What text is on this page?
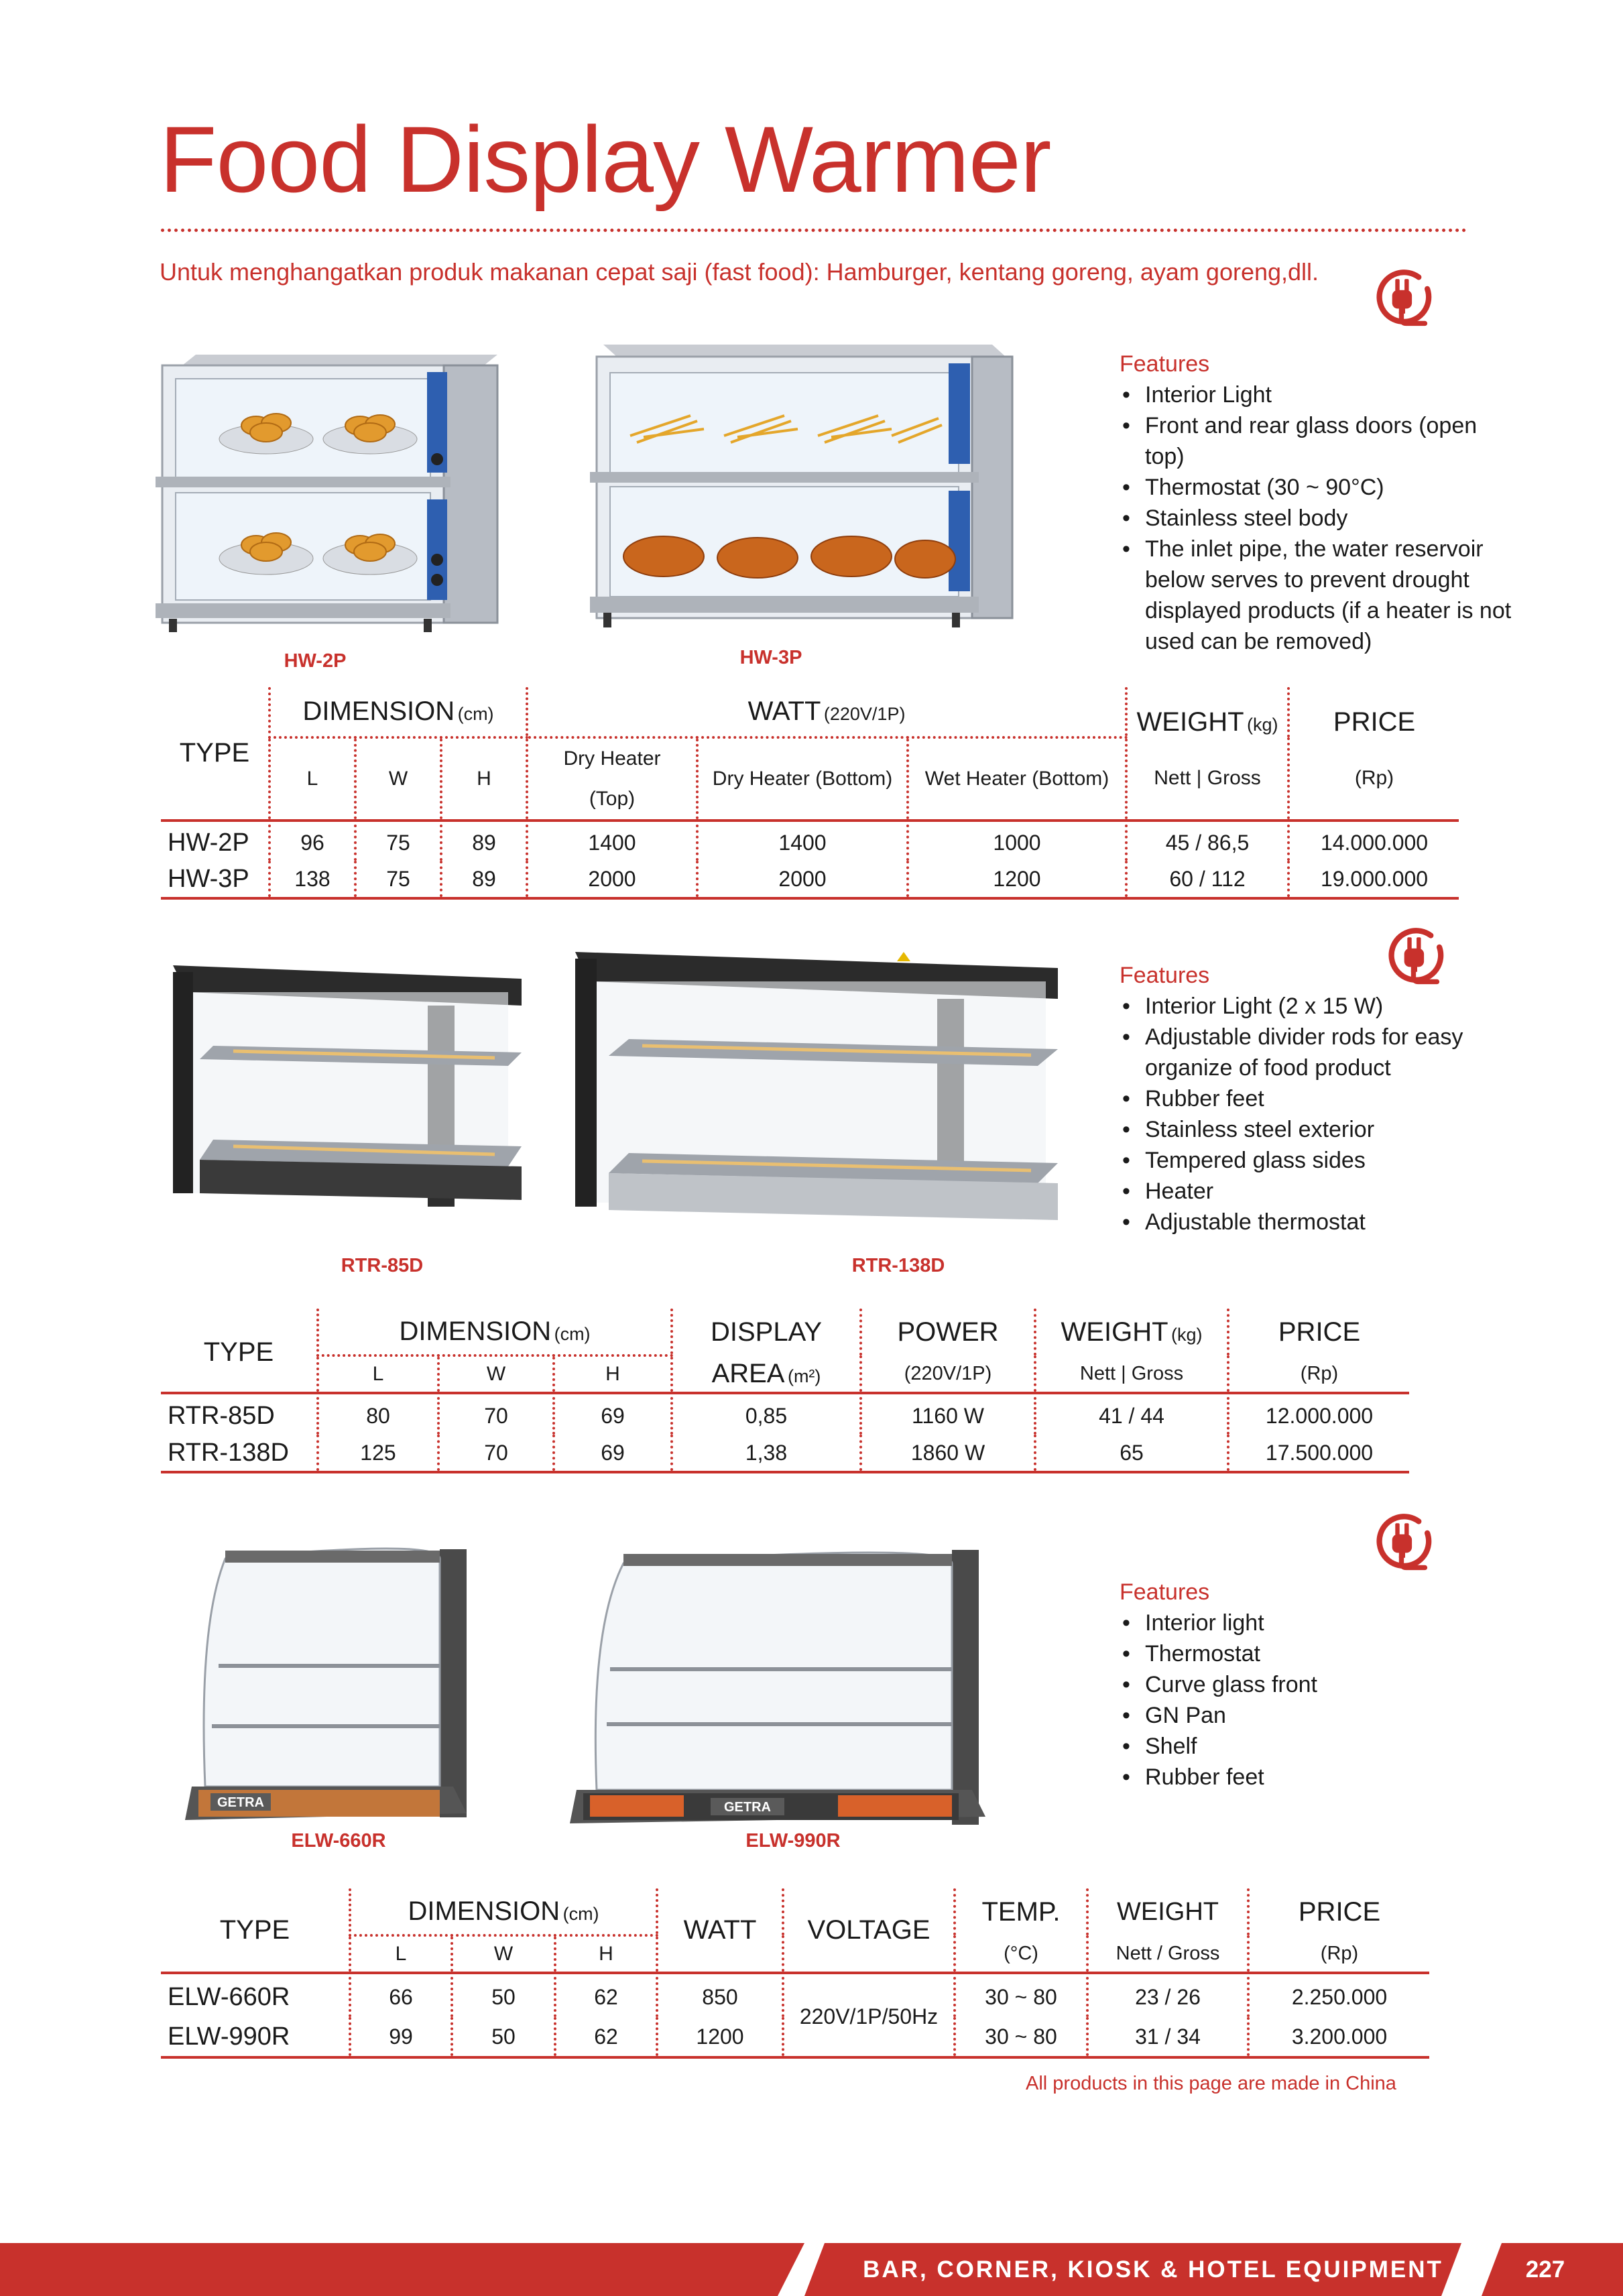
Food Display Warmer
Untuk menghangatkan produk makanan cepat saji (fast food): Hamburger, kentang goreng, ayam goreng,dll.
HW-2P	HW-3P
Features
• Interior Light
• Front and rear glass doors (open top)
• Thermostat (30 ~ 90°C)
• Stainless steel body
• The inlet pipe, the water reservoir below serves to prevent drought displayed products (if a heater is not used can be removed)
TYPE	DIMENSION (cm)			WATT (220V/1P)			WEIGHT (kg)	PRICE
	L	W	H	Dry Heater
(Top)	Dry Heater (Bottom)	Wet Heater (Bottom)	Nett | Gross	(Rp)

HW-2P	96	75	89	1400	1400	1000	45 / 86,5	14.000.000
HW-3P	138	75	89	2000	2000	1200	60 / 112	19.000.000
RTR-85D	RTR-138D
Features
• Interior Light (2 x 15 W)
• Adjustable divider rods for easy organize of food product
• Rubber feet
• Stainless steel exterior
• Tempered glass sides
• Heater
• Adjustable thermostat
TYPE	DIMENSION (cm)			DISPLAY	POWER	WEIGHT (kg)	PRICE
	L	W	H	AREA (m²)	(220V/1P)	Nett | Gross	(Rp)

RTR-85D	80	70	69	0,85	1160 W	41 / 44	12.000.000
RTR-138D	125	70	69	1,38	1860 W	65	17.500.000
GETRA	GETRA
ELW-660R	ELW-990R
Features
• Interior light
• Thermostat
• Curve glass front
• GN Pan
• Shelf
• Rubber feet
TYPE	DIMENSION (cm)			WATT	VOLTAGE	TEMP.	WEIGHT	PRICE
	L	W	H			(°C)	Nett / Gross	(Rp)

ELW-660R	66	50	62	850	220V/1P/50Hz	30 ~ 80	23 / 26	2.250.000
ELW-990R	99	50	62	1200		30 ~ 80	31 / 34	3.200.000
All products in this page are made in China
BAR, CORNER, KIOSK & HOTEL EQUIPMENT	227
